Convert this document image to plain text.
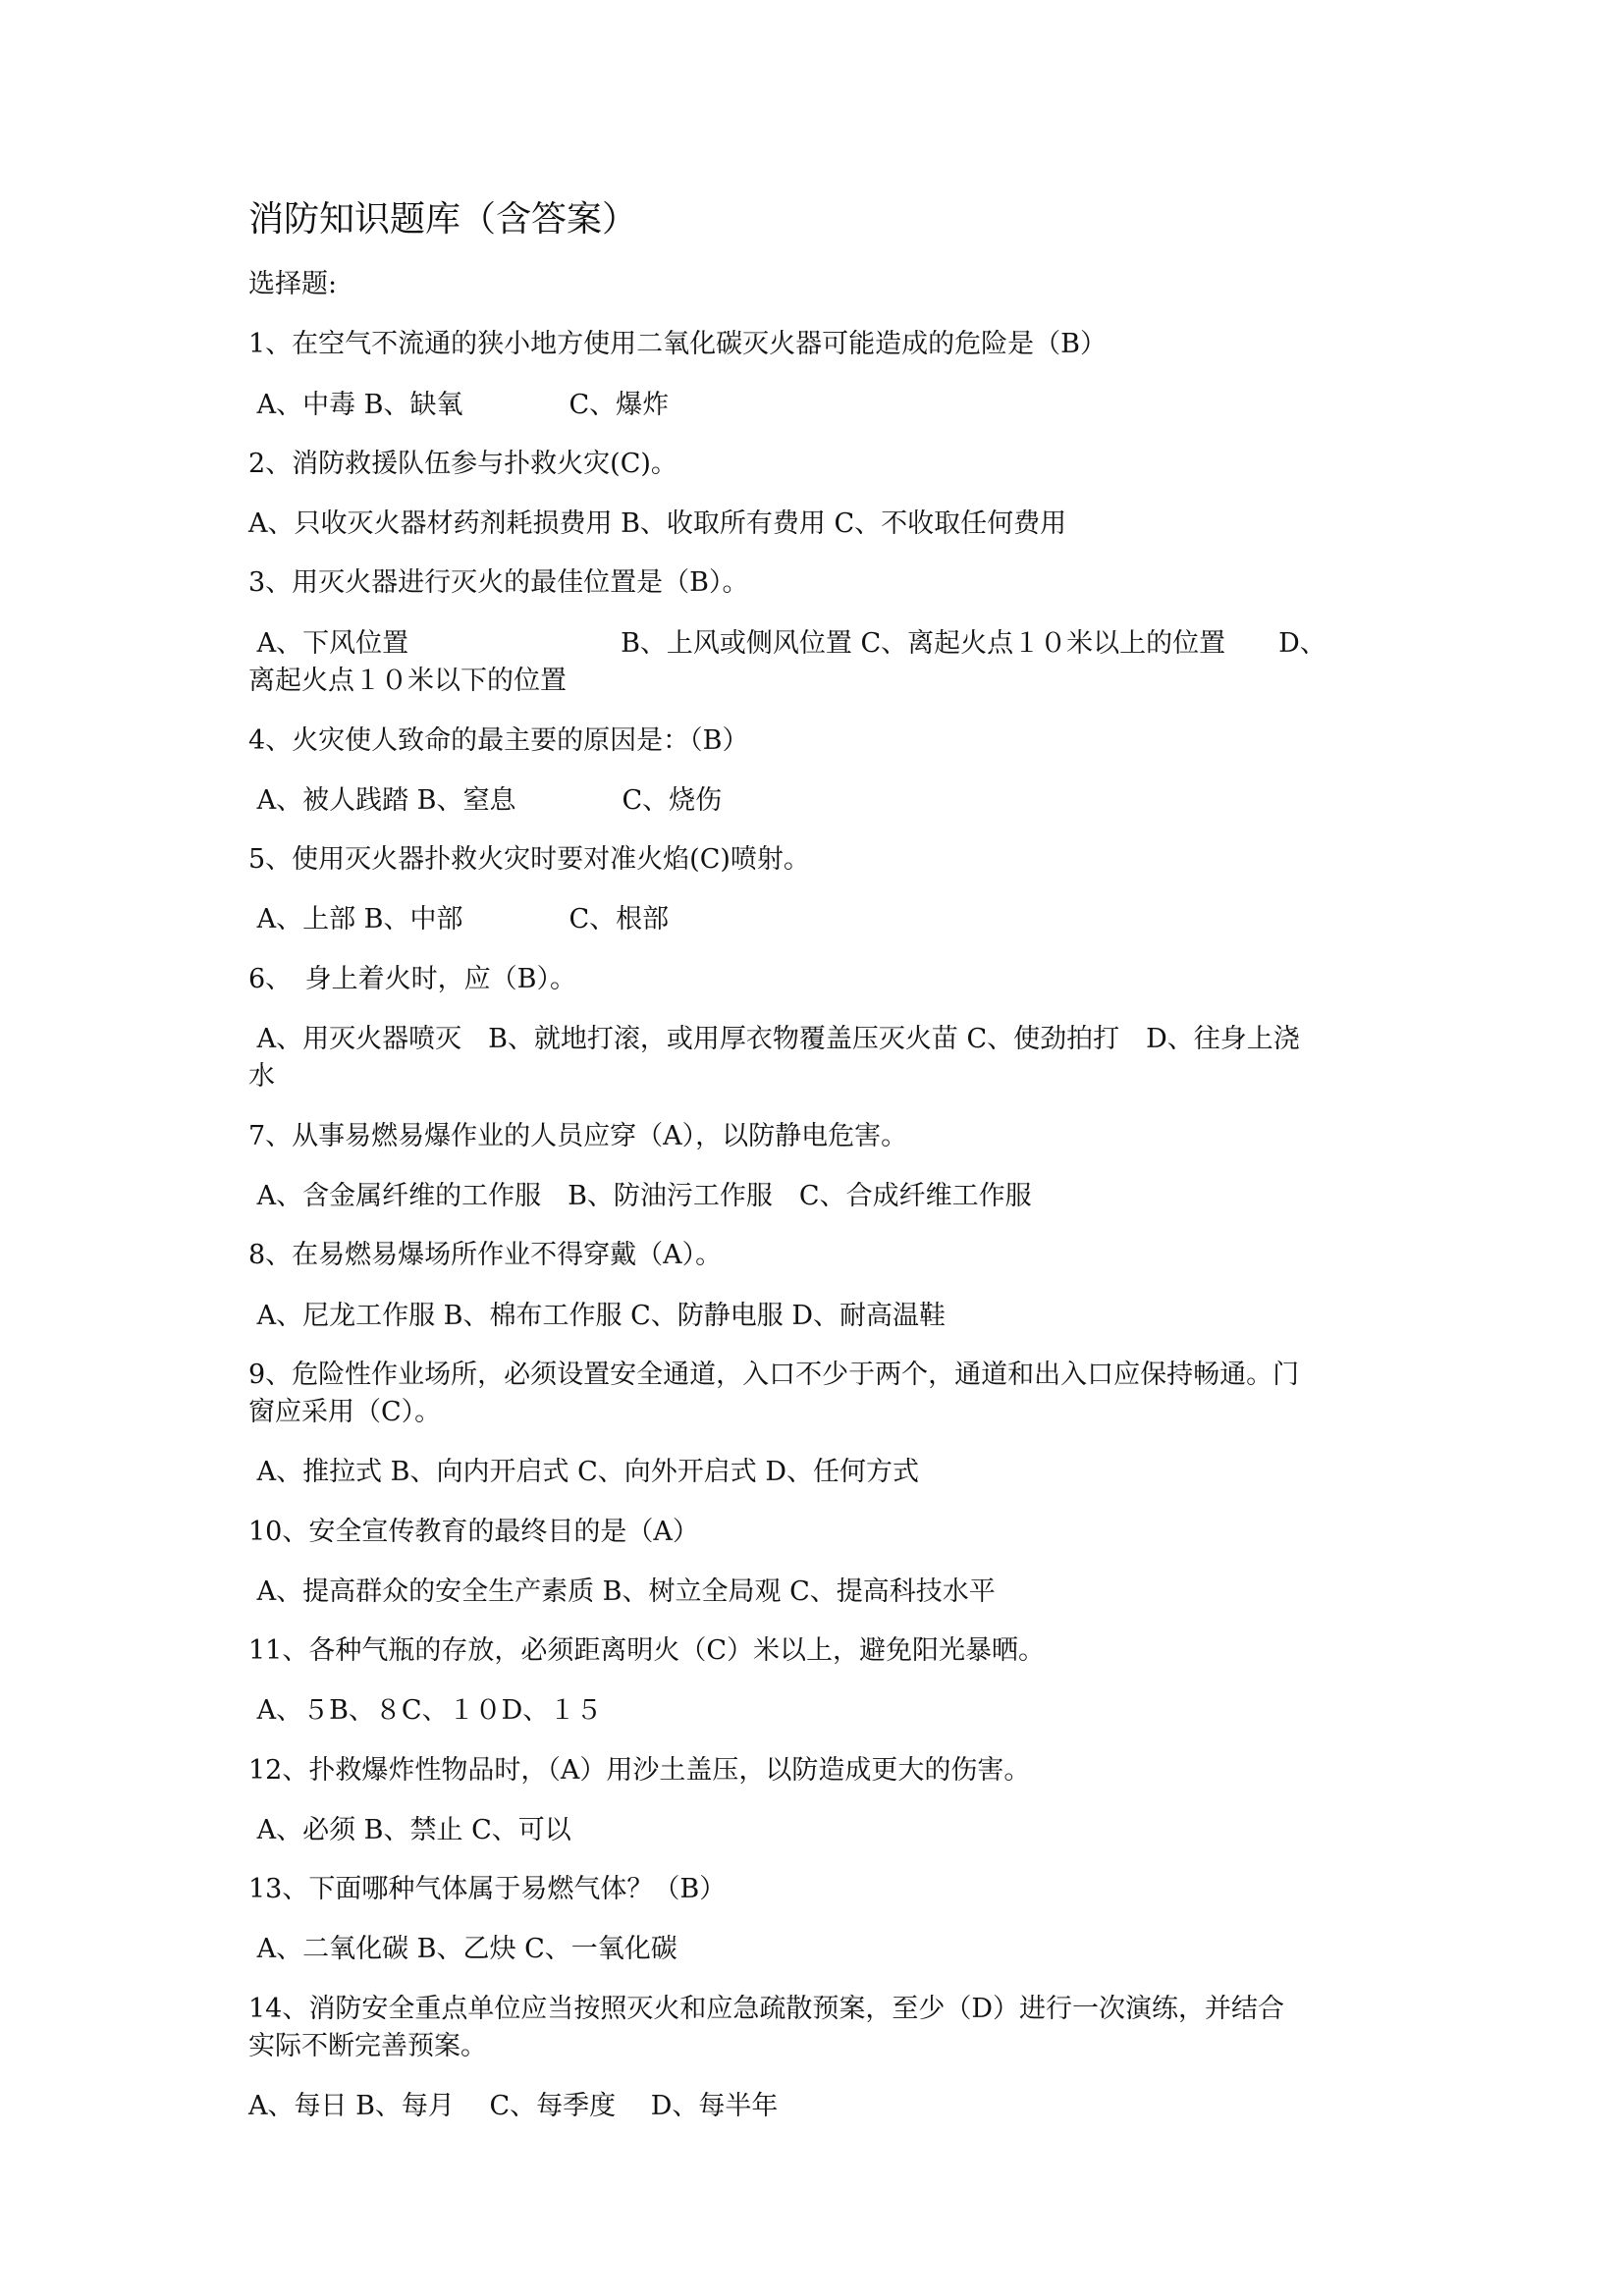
消防知识题库（含答案）
选择题:
1、在空气不流通的狭小地方使用二氧化碳灭火器可能造成的危险是（B）
A、中毒 B、缺氧　　　　C、爆炸
2、消防救援队伍参与扑救火灾(C)。
A、只收灭火器材药剂耗损费用 B、收取所有费用 C、不收取任何费用
3、用灭火器进行灭火的最佳位置是（B）。
A、下风位置　　　　　　　　B、上风或侧风位置 C、离起火点１０米以上的位置　　D、
离起火点１０米以下的位置
4、火灾使人致命的最主要的原因是：（B）
A、被人践踏 B、窒息　　　　C、烧伤
5、使用灭火器扑救火灾时要对准火焰(C)喷射。
A、上部 B、中部　　　　C、根部
6、　身上着火时，应（B）。
A、用灭火器喷灭　B、就地打滚，或用厚衣物覆盖压灭火苗 C、使劲拍打　D、往身上浇
水
7、从事易燃易爆作业的人员应穿（A），以防静电危害。
A、含金属纤维的工作服　B、防油污工作服　C、合成纤维工作服
8、在易燃易爆场所作业不得穿戴（A）。
A、尼龙工作服 B、棉布工作服 C、防静电服 D、耐高温鞋
9、危险性作业场所，必须设置安全通道，入口不少于两个，通道和出入口应保持畅通。门
窗应采用（C）。
A、推拉式 B、向内开启式 C、向外开启式 D、任何方式
10、安全宣传教育的最终目的是（A）
A、提高群众的安全生产素质 B、树立全局观 C、提高科技水平
11、各种气瓶的存放，必须距离明火（C）米以上，避免阳光暴晒。
A、５B、８C、１０D、１５
12、扑救爆炸性物品时，（A）用沙土盖压，以防造成更大的伤害。
A、必须 B、禁止 C、可以
13、下面哪种气体属于易燃气体？（B）
A、二氧化碳 B、乙炔 C、一氧化碳
14、消防安全重点单位应当按照灭火和应急疏散预案，至少（D）进行一次演练，并结合
实际不断完善预案。
A、每日 B、每月　 C、每季度　 D、每半年
